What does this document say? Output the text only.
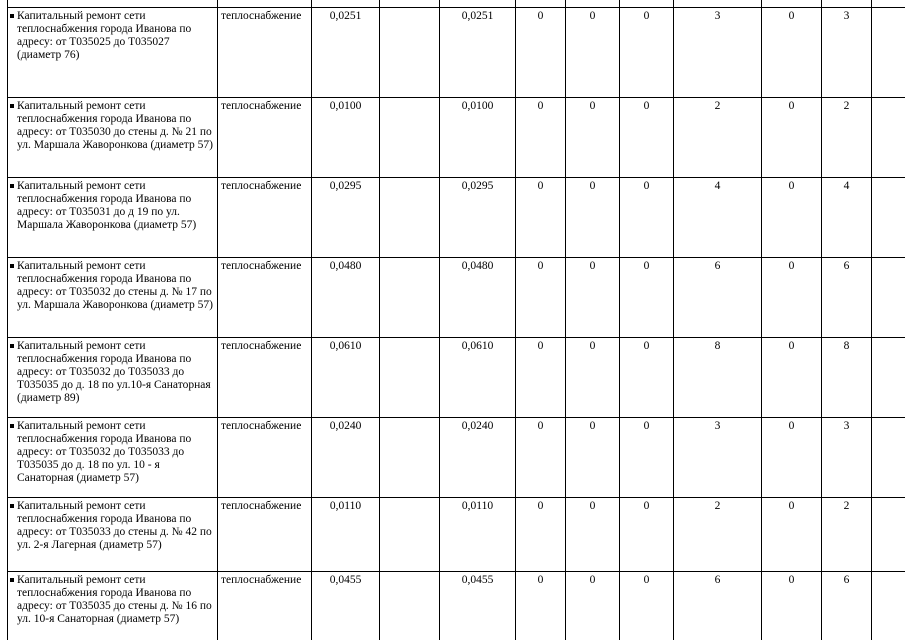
Капитальный ремонт сети теплоснабжения города Иванова по адресу: от Т035025 до Т035027 (диаметр 76)	теплоснабжение	0,0251		0,0251	0	0	0	3	0	3	

Капитальный ремонт сети теплоснабжения города Иванова по адресу: от Т035030 до стены д. № 21 по ул. Маршала Жаворонкова (диаметр 57)	теплоснабжение	0,0100		0,0100	0	0	0	2	0	2	

Капитальный ремонт сети теплоснабжения города Иванова по адресу: от Т035031 до д 19 по ул. Маршала Жаворонкова (диаметр 57)	теплоснабжение	0,0295		0,0295	0	0	0	4	0	4	

Капитальный ремонт сети теплоснабжения города Иванова по адресу: от Т035032 до стены д. № 17 по ул. Маршала Жаворонкова (диаметр 57)	теплоснабжение	0,0480		0,0480	0	0	0	6	0	6	

Капитальный ремонт сети теплоснабжения города Иванова по адресу: от Т035032 до Т035033 до Т035035 до д. 18 по ул.10-я Санаторная (диаметр 89)	теплоснабжение	0,0610		0,0610	0	0	0	8	0	8	

Капитальный ремонт сети теплоснабжения города Иванова по адресу: от Т035032 до Т035033 до Т035035 до д. 18 по ул. 10 - я Санаторная (диаметр 57)	теплоснабжение	0,0240		0,0240	0	0	0	3	0	3	

Капитальный ремонт сети теплоснабжения города Иванова по адресу: от Т035033 до стены д. № 42 по ул. 2-я Лагерная (диаметр 57)	теплоснабжение	0,0110		0,0110	0	0	0	2	0	2	

Капитальный ремонт сети теплоснабжения города Иванова по адресу: от Т035035 до стены д. № 16 по ул. 10-я Санаторная (диаметр 57)	теплоснабжение	0,0455		0,0455	0	0	0	6	0	6	
